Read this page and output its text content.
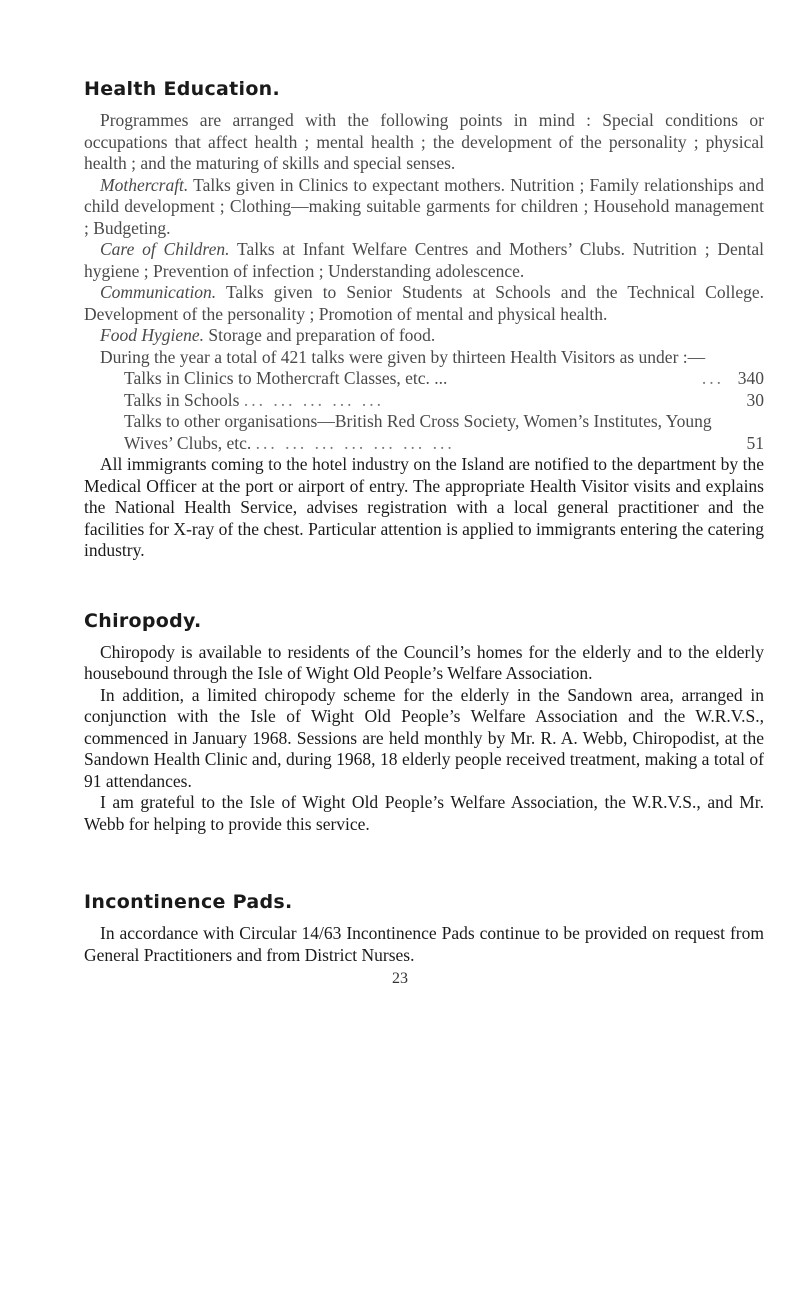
Health Education.

Programmes are arranged with the following points in mind : Special conditions or occupations that affect health ; mental health ; the development of the personality ; physical health ; and the maturing of skills and special senses.

Mothercraft. Talks given in Clinics to expectant mothers. Nutrition ; Family relationships and child development ; Clothing—making suitable garments for children ; Household management ; Budgeting.

Care of Children. Talks at Infant Welfare Centres and Mothers’ Clubs. Nutrition ; Dental hygiene ; Prevention of infection ; Understanding adolescence.

Communication. Talks given to Senior Students at Schools and the Technical College. Development of the personality ; Promotion of mental and physical health.

Food Hygiene. Storage and preparation of food.

During the year a total of 421 talks were given by thirteen Health Visitors as under :—

Talks in Clinics to Mothercraft Classes, etc. ...	... 340
Talks in Schools ... ... ... ... ...	30
Talks to other organisations—British Red Cross Society, Women’s Institutes, Young Wives’ Clubs, etc. ... ... ... ... ... ... ...	51

All immigrants coming to the hotel industry on the Island are notified to the department by the Medical Officer at the port or airport of entry. The appropriate Health Visitor visits and explains the National Health Service, advises registration with a local general practitioner and the facilities for X-ray of the chest. Particular attention is applied to immigrants entering the catering industry.

Chiropody.

Chiropody is available to residents of the Council’s homes for the elderly and to the elderly housebound through the Isle of Wight Old People’s Welfare Association.

In addition, a limited chiropody scheme for the elderly in the Sandown area, arranged in conjunction with the Isle of Wight Old People’s Welfare Association and the W.R.V.S., commenced in January 1968. Sessions are held monthly by Mr. R. A. Webb, Chiropodist, at the Sandown Health Clinic and, during 1968, 18 elderly people received treatment, making a total of 91 attendances.

I am grateful to the Isle of Wight Old People’s Welfare Association, the W.R.V.S., and Mr. Webb for helping to provide this service.

Incontinence Pads.

In accordance with Circular 14/63 Incontinence Pads continue to be provided on request from General Practitioners and from District Nurses.

23
